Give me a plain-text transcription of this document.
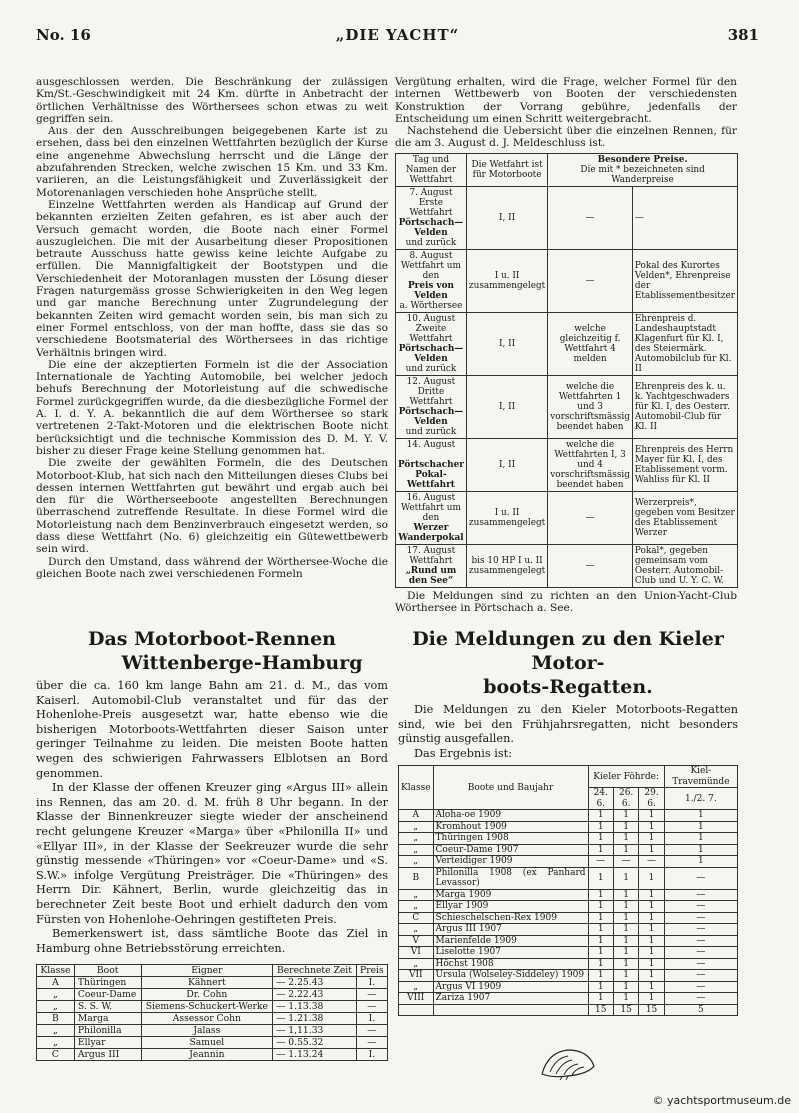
No. 16	„DIE YACHT“	381

ausgeschlossen werden. Die Beschränkung der zulässigen Km/St.-Geschwindigkeit mit 24 Km. dürfte in Anbetracht der örtlichen Verhältnisse des Wörthersees schon etwas zu weit gegriffen sein.

Aus der den Ausschreibungen beigegebenen Karte ist zu ersehen, dass bei den einzelnen Wettfahrten bezüglich der Kurse eine angenehme Abwechslung herrscht und die Länge der abzufahrenden Strecken, welche zwischen 15 Km. und 33 Km. variieren, an die Leistungsfähigkeit und Zuverlässigkeit der Motorenanlagen verschieden hohe Ansprüche stellt.

Einzelne Wettfahrten werden als Handicap auf Grund der bekannten erzielten Zeiten gefahren, es ist aber auch der Versuch gemacht worden, die Boote nach einer Formel auszugleichen. Die mit der Ausarbeitung dieser Propositionen betraute Ausschuss hatte gewiss keine leichte Aufgabe zu erfüllen. Die Mannigfaltigkeit der Bootstypen und die Verschiedenheit der Motoranlagen mussten der Lösung dieser Fragen naturgemäss grosse Schwierigkeiten in den Weg legen und gar manche Berechnung unter Zugrundelegung der bekannten Zeiten wird gemacht worden sein, bis man sich zu einer Formel entschloss, von der man hoffte, dass sie das so verschiedene Bootsmaterial des Wörthersees in das richtige Verhältnis bringen wird.

Die eine der akzeptierten Formeln ist die der Association Internationale de Yachting Automobile, bei welcher jedoch behufs Berechnung der Motorleistung auf die schwedische Formel zurückgegriffen wurde, da die diesbezügliche Formel der A. I. d. Y. A. bekanntlich die auf dem Wörthersee so stark vertretenen 2-Takt-Motoren und die elektrischen Boote nicht berücksichtigt und die technische Kommission des D. M. Y. V. bisher zu dieser Frage keine Stellung genommen hat.

Die zweite der gewählten Formeln, die des Deutschen Motorboot-Klub, hat sich nach den Mitteilungen dieses Clubs bei dessen internen Wettfahrten gut bewährt und ergab auch bei den für die Wörtherseeboote angestellten Berechnungen überraschend zutreffende Resultate. In diese Formel wird die Motorleistung nach dem Benzinverbrauch eingesetzt werden, so dass diese Wettfahrt (No. 6) gleichzeitig ein Gütewettbewerb sein wird.

Durch den Umstand, dass während der Wörthersee-Woche die gleichen Boote nach zwei verschiedenen Formeln

Vergütung erhalten, wird die Frage, welcher Formel für den internen Wettbewerb von Booten der verschiedensten Konstruktion der Vorrang gebühre, jedenfalls der Entscheidung um einen Schritt weitergebracht.

Nachstehend die Uebersicht über die einzelnen Rennen, für die am 3. August d. J. Meldeschluss ist.

Tag und Namen der Wettfahrt	Die Wetfahrt ist für Motorboote	Besondere Preise.
Die mit * bezeichneten sind Wanderpreise	
7. August
Erste Wettfahrt
Pörtschach—Velden
und zurück	I, II	—	—
8. August
Wettfahrt um den
Preis von Velden
a. Wörthersee	I u. II zusammengelegt	—	Pokal des Kurortes Velden*, Ehrenpreise der Etablissementbesitzer
10. August
Zweite Wettfahrt
Pörtschach—Velden
und zurück	I, II	welche gleichzeitig f. Wettfahrt 4 melden	Ehrenpreis d. Landeshauptstadt Klagenfurt für Kl. I, des Steiermärk. Automobilclub für Kl. II
12. August
Dritte Wettfahrt
Pörtschach—Velden
und zurück	I, II	welche die Wettfahrten 1 und 3 vorschriftsmässig beendet haben	Ehrenpreis des k. u. k. Yachtgeschwaders für Kl. I, des Oesterr. Automobil-Club für Kl. II
14. August

Pörtschacher Pokal-Wettfahrt	I, II	welche die Wettfahrten I, 3 und 4 vorschriftsmässig beendet haben	Ehrenpreis des Herrn Mayer für Kl. I, des Etablissement vorm. Wahliss für Kl. II
16. August
Wettfahrt um den
Werzer Wanderpokal	I u. II zusammengelegt	—	Werzerpreis*, gegeben vom Besitzer des Etablissement Werzer
17. August
Wettfahrt
„Rund um den See“	bis 10 HP I u. II zusammengelegt	—	Pokal*, gegeben gemeinsam vom Oesterr. Automobil-Club und U. Y. C. W.

Die Meldungen sind zu richten an den Union-Yacht-Club Wörthersee in Pörtschach a. See.

Das Motorboot-Rennen
Wittenberge-Hamburg

über die ca. 160 km lange Bahn am 21. d. M., das vom Kaiserl. Automobil-Club veranstaltet und für das der Hohenlohe-Preis ausgesetzt war, hatte ebenso wie die bisherigen Motorboots-Wettfahrten dieser Saison unter geringer Teilnahme zu leiden. Die meisten Boote hatten wegen des schwierigen Fahrwassers Elblotsen an Bord genommen.

In der Klasse der offenen Kreuzer ging «Argus III» allein ins Rennen, das am 20. d. M. früh 8 Uhr begann. In der Klasse der Binnenkreuzer siegte wieder der anscheinend recht gelungene Kreuzer «Marga» über «Philonilla II» und «Ellyar III», in der Klasse der Seekreuzer wurde die sehr günstig messende «Thüringen» vor «Coeur-Dame» und «S. S.W.» infolge Vergütung Preisträger. Die «Thüringen» des Herrn Dir. Kähnert, Berlin, wurde gleichzeitig das in berechneter Zeit beste Boot und erhielt dadurch den vom Fürsten von Hohenlohe-Oehringen gestifteten Preis.

Bemerkenswert ist, dass sämtliche Boote das Ziel in Hamburg ohne Betriebsstörung erreichten.

Klasse	Boot	Eigner	Berechnete Zeit	Preis
A	Thüringen	Kähnert	— 2.25.43	I.
„	Coeur-Dame	Dr. Cohn	— 2.22.43	—
„	S. S. W.	Siemens-Schuckert-Werke	— 1.13.38	—
B	Marga	Assessor Cohn	— 1.21.38	I.
„	Philonilla	Jalass	— 1,11.33	—
„	Ellyar	Samuel	— 0.55.32	—
C	Argus III	Jeannin	— 1.13.24	I.
Die Meldungen zu den Kieler Motor-
boots-Regatten.

Die Meldungen zu den Kieler Motorboots-Regatten sind, wie bei den Frühjahrsregatten, nicht besonders günstig ausgefallen.

Das Ergebnis ist:

Klasse	Boote und Baujahr	Kieler Föhrde:			Kiel-Travemünde
		24. 6.	26. 6.	29. 6.	1./2. 7.
A	Aloha-oe 1909	1	1	1	1
„	Kromhout 1909	1	1	1	1
„	Thüringen 1908	1	1	1	1
„	Coeur-Dame 1907	1	1	1	1
„	Verteidiger 1909	—	—	—	1
B	Philonilla 1908 (ex Panhard Levassor)	1	1	1	—
„	Marga 1909	1	1	1	—
„	Ellyar 1909	1	1	1	—
C	Schieschelschen-Rex 1909	1	1	1	—
„	Argus III 1907	1	1	1	—
V	Marienfelde 1909	1	1	1	—
VI	Liselotte 1907	1	1	1	—
„	Höchst 1908	1	1	1	—
VII	Ursula (Wolseley-Siddeley) 1909	1	1	1	—
„	Argus VI 1909	1	1	1	—
VIII	Zariza 1907	1	1	1	—
		15	15	15	5
© yachtsportmuseum.de
